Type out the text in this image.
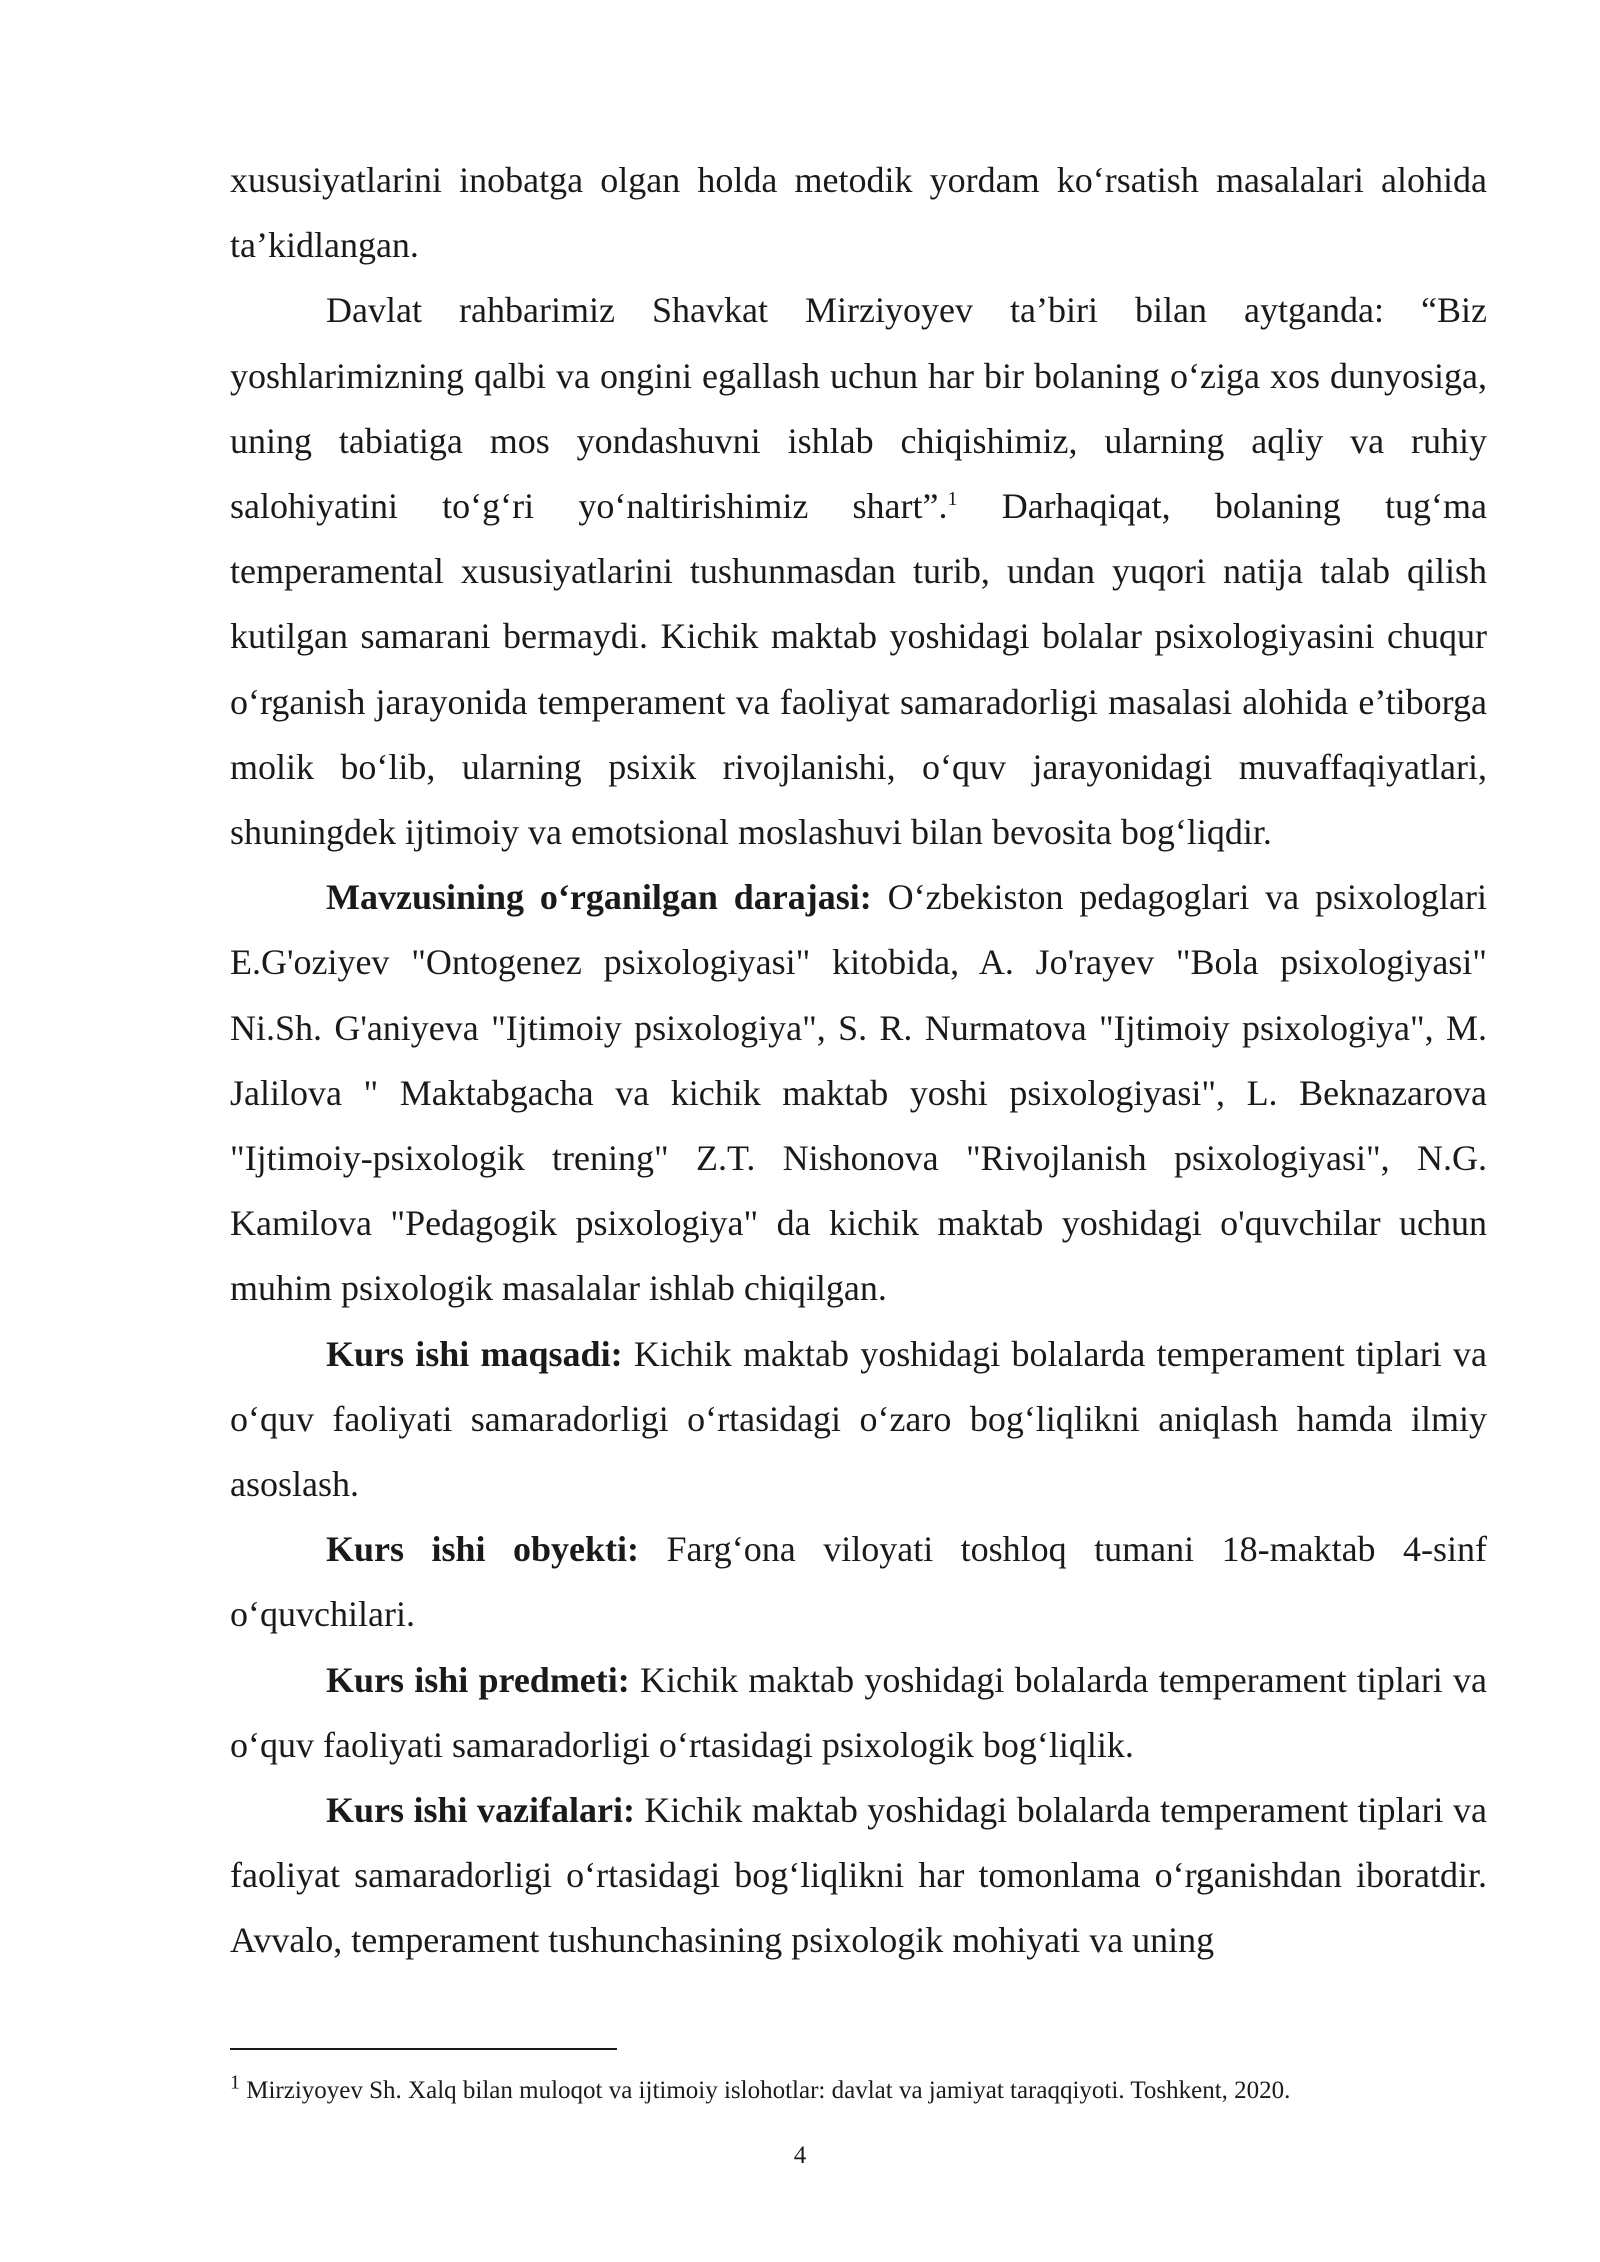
xususiyatlarini inobatga olgan holda metodik yordam ko‘rsatish masalalari alohida ta’kidlangan.

Davlat rahbarimiz Shavkat Mirziyoyev ta’biri bilan aytganda: “Biz yoshlarimizning qalbi va ongini egallash uchun har bir bolaning o‘ziga xos dunyosiga, uning tabiatiga mos yondashuvni ishlab chiqishimiz, ularning aqliy va ruhiy salohiyatini to‘g‘ri yo‘naltirishimiz shart”.$^1$ Darhaqiqat, bolaning tug‘ma temperamental xususiyatlarini tushunmasdan turib, undan yuqori natija talab qilish kutilgan samarani bermaydi. Kichik maktab yoshidagi bolalar psixologiyasini chuqur o‘rganish jarayonida temperament va faoliyat samaradorligi masalasi alohida e’tiborga molik bo‘lib, ularning psixik rivojlanishi, o‘quv jarayonidagi muvaffaqiyatlari, shuningdek ijtimoiy va emotsional moslashuvi bilan bevosita bog‘liqdir.

Mavzusining o‘rganilgan darajasi: O‘zbekiston pedagoglari va psixologlari E.G'oziyev "Ontogenez psixologiyasi" kitobida, A. Jo'rayev "Bola psixologiyasi" Ni.Sh. G'aniyeva "Ijtimoiy psixologiya", S. R. Nurmatova "Ijtimoiy psixologiya", M. Jalilova " Maktabgacha va kichik maktab yoshi psixologiyasi", L. Beknazarova "Ijtimoiy-psixologik trening" Z.T. Nishonova "Rivojlanish psixologiyasi", N.G. Kamilova "Pedagogik psixologiya" da kichik maktab yoshidagi o'quvchilar uchun muhim psixologik masalalar ishlab chiqilgan.

Kurs ishi maqsadi: Kichik maktab yoshidagi bolalarda temperament tiplari va o‘quv faoliyati samaradorligi o‘rtasidagi o‘zaro bog‘liqlikni aniqlash hamda ilmiy asoslash.

Kurs ishi obyekti: Farg‘ona viloyati toshloq tumani 18-maktab 4-sinf o‘quvchilari.

Kurs ishi predmeti: Kichik maktab yoshidagi bolalarda temperament tiplari va o‘quv faoliyati samaradorligi o‘rtasidagi psixologik bog‘liqlik.

Kurs ishi vazifalari: Kichik maktab yoshidagi bolalarda temperament tiplari va faoliyat samaradorligi o‘rtasidagi bog‘liqlikni har tomonlama o‘rganishdan iboratdir. Avvalo, temperament tushunchasining psixologik mohiyati va uning

$^1$ Mirziyoyev Sh. Xalq bilan muloqot va ijtimoiy islohotlar: davlat va jamiyat taraqqiyoti. Toshkent, 2020.
4
